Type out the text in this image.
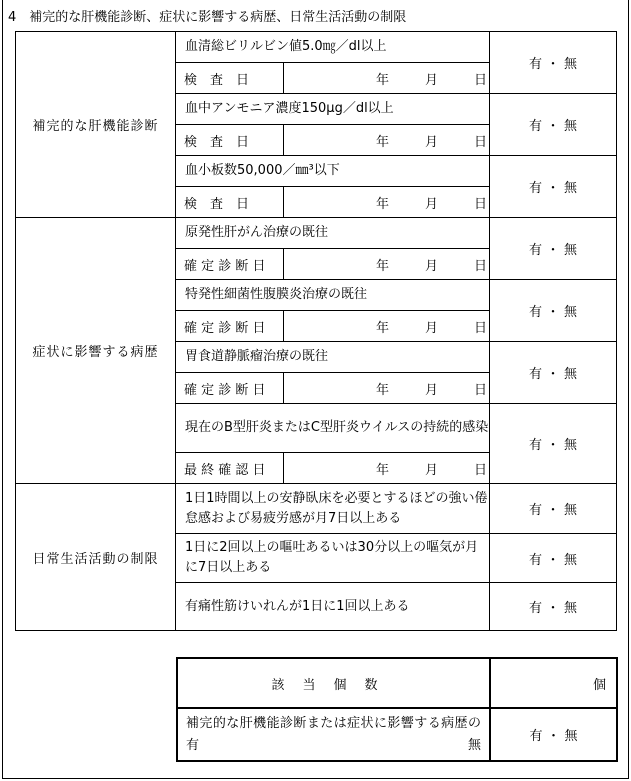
4　補完的な肝機能診断、症状に影響する病歴、日常生活活動の制限
補完的な肝機能診断	血清総ビリルビン値5.0㎎／dl以上		有 ・ 無
	検　査　日	年 月 日	
	血中アンモニア濃度150μg／dl以上		有 ・ 無
	検　査　日	年 月 日	
	血小板数50,000／㎜³以下		有 ・ 無
	検　査　日	年 月 日	
症状に影響する病歴	原発性肝がん治療の既往		有 ・ 無
	確 定 診 断 日	年 月 日	
	特発性細菌性腹膜炎治療の既往		有 ・ 無
	確 定 診 断 日	年 月 日	
	胃食道静脈瘤治療の既往		有 ・ 無
	確 定 診 断 日	年 月 日	
	現在のB型肝炎またはC型肝炎ウイルスの持続的感染		有 ・ 無
	最 終 確 認 日	年 月 日	
日常生活活動の制限	1日1時間以上の安静臥床を必要とするほどの強い倦怠感および易疲労感が月7日以上ある		有 ・ 無
	1日に2回以上の嘔吐あるいは30分以上の嘔気が月に7日以上ある		有 ・ 無
	有痛性筋けいれんが1日に1回以上ある		有 ・ 無
該当個数	個
補完的な肝機能診断または症状に影響する病歴の有無	有 ・ 無
